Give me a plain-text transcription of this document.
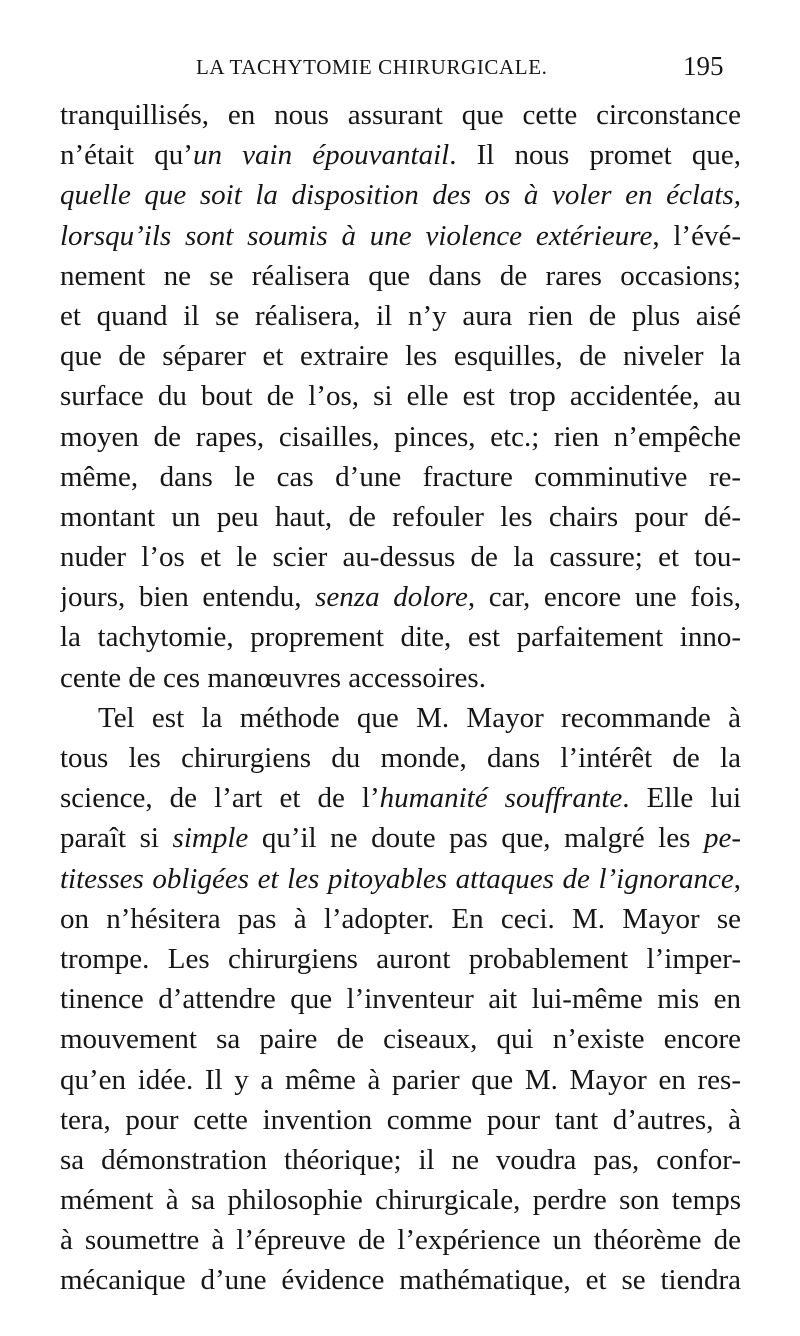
LA TACHYTOMIE CHIRURGICALE.	195
tranquillisés, en nous assurant que cette circonstance
n’était qu’un vain épouvantail. Il nous promet que,
quelle que soit la disposition des os à voler en éclats,
lorsqu’ils sont soumis à une violence extérieure, l’évé-
nement ne se réalisera que dans de rares occasions;
et quand il se réalisera, il n’y aura rien de plus aisé
que de séparer et extraire les esquilles, de niveler la
surface du bout de l’os, si elle est trop accidentée, au
moyen de rapes, cisailles, pinces, etc.; rien n’empêche
même, dans le cas d’une fracture comminutive re-
montant un peu haut, de refouler les chairs pour dé-
nuder l’os et le scier au-dessus de la cassure; et tou-
jours, bien entendu, senza dolore, car, encore une fois,
la tachytomie, proprement dite, est parfaitement inno-
cente de ces manœuvres accessoires.
Tel est la méthode que M. Mayor recommande à
tous les chirurgiens du monde, dans l’intérêt de la
science, de l’art et de l’humanité souffrante. Elle lui
paraît si simple qu’il ne doute pas que, malgré les pe-
titesses obligées et les pitoyables attaques de l’ignorance,
on n’hésitera pas à l’adopter. En ceci. M. Mayor se
trompe. Les chirurgiens auront probablement l’imper-
tinence d’attendre que l’inventeur ait lui-même mis en
mouvement sa paire de ciseaux, qui n’existe encore
qu’en idée. Il y a même à parier que M. Mayor en res-
tera, pour cette invention comme pour tant d’autres, à
sa démonstration théorique; il ne voudra pas, confor-
mément à sa philosophie chirurgicale, perdre son temps
à soumettre à l’épreuve de l’expérience un théorème de
mécanique d’une évidence mathématique, et se tiendra
